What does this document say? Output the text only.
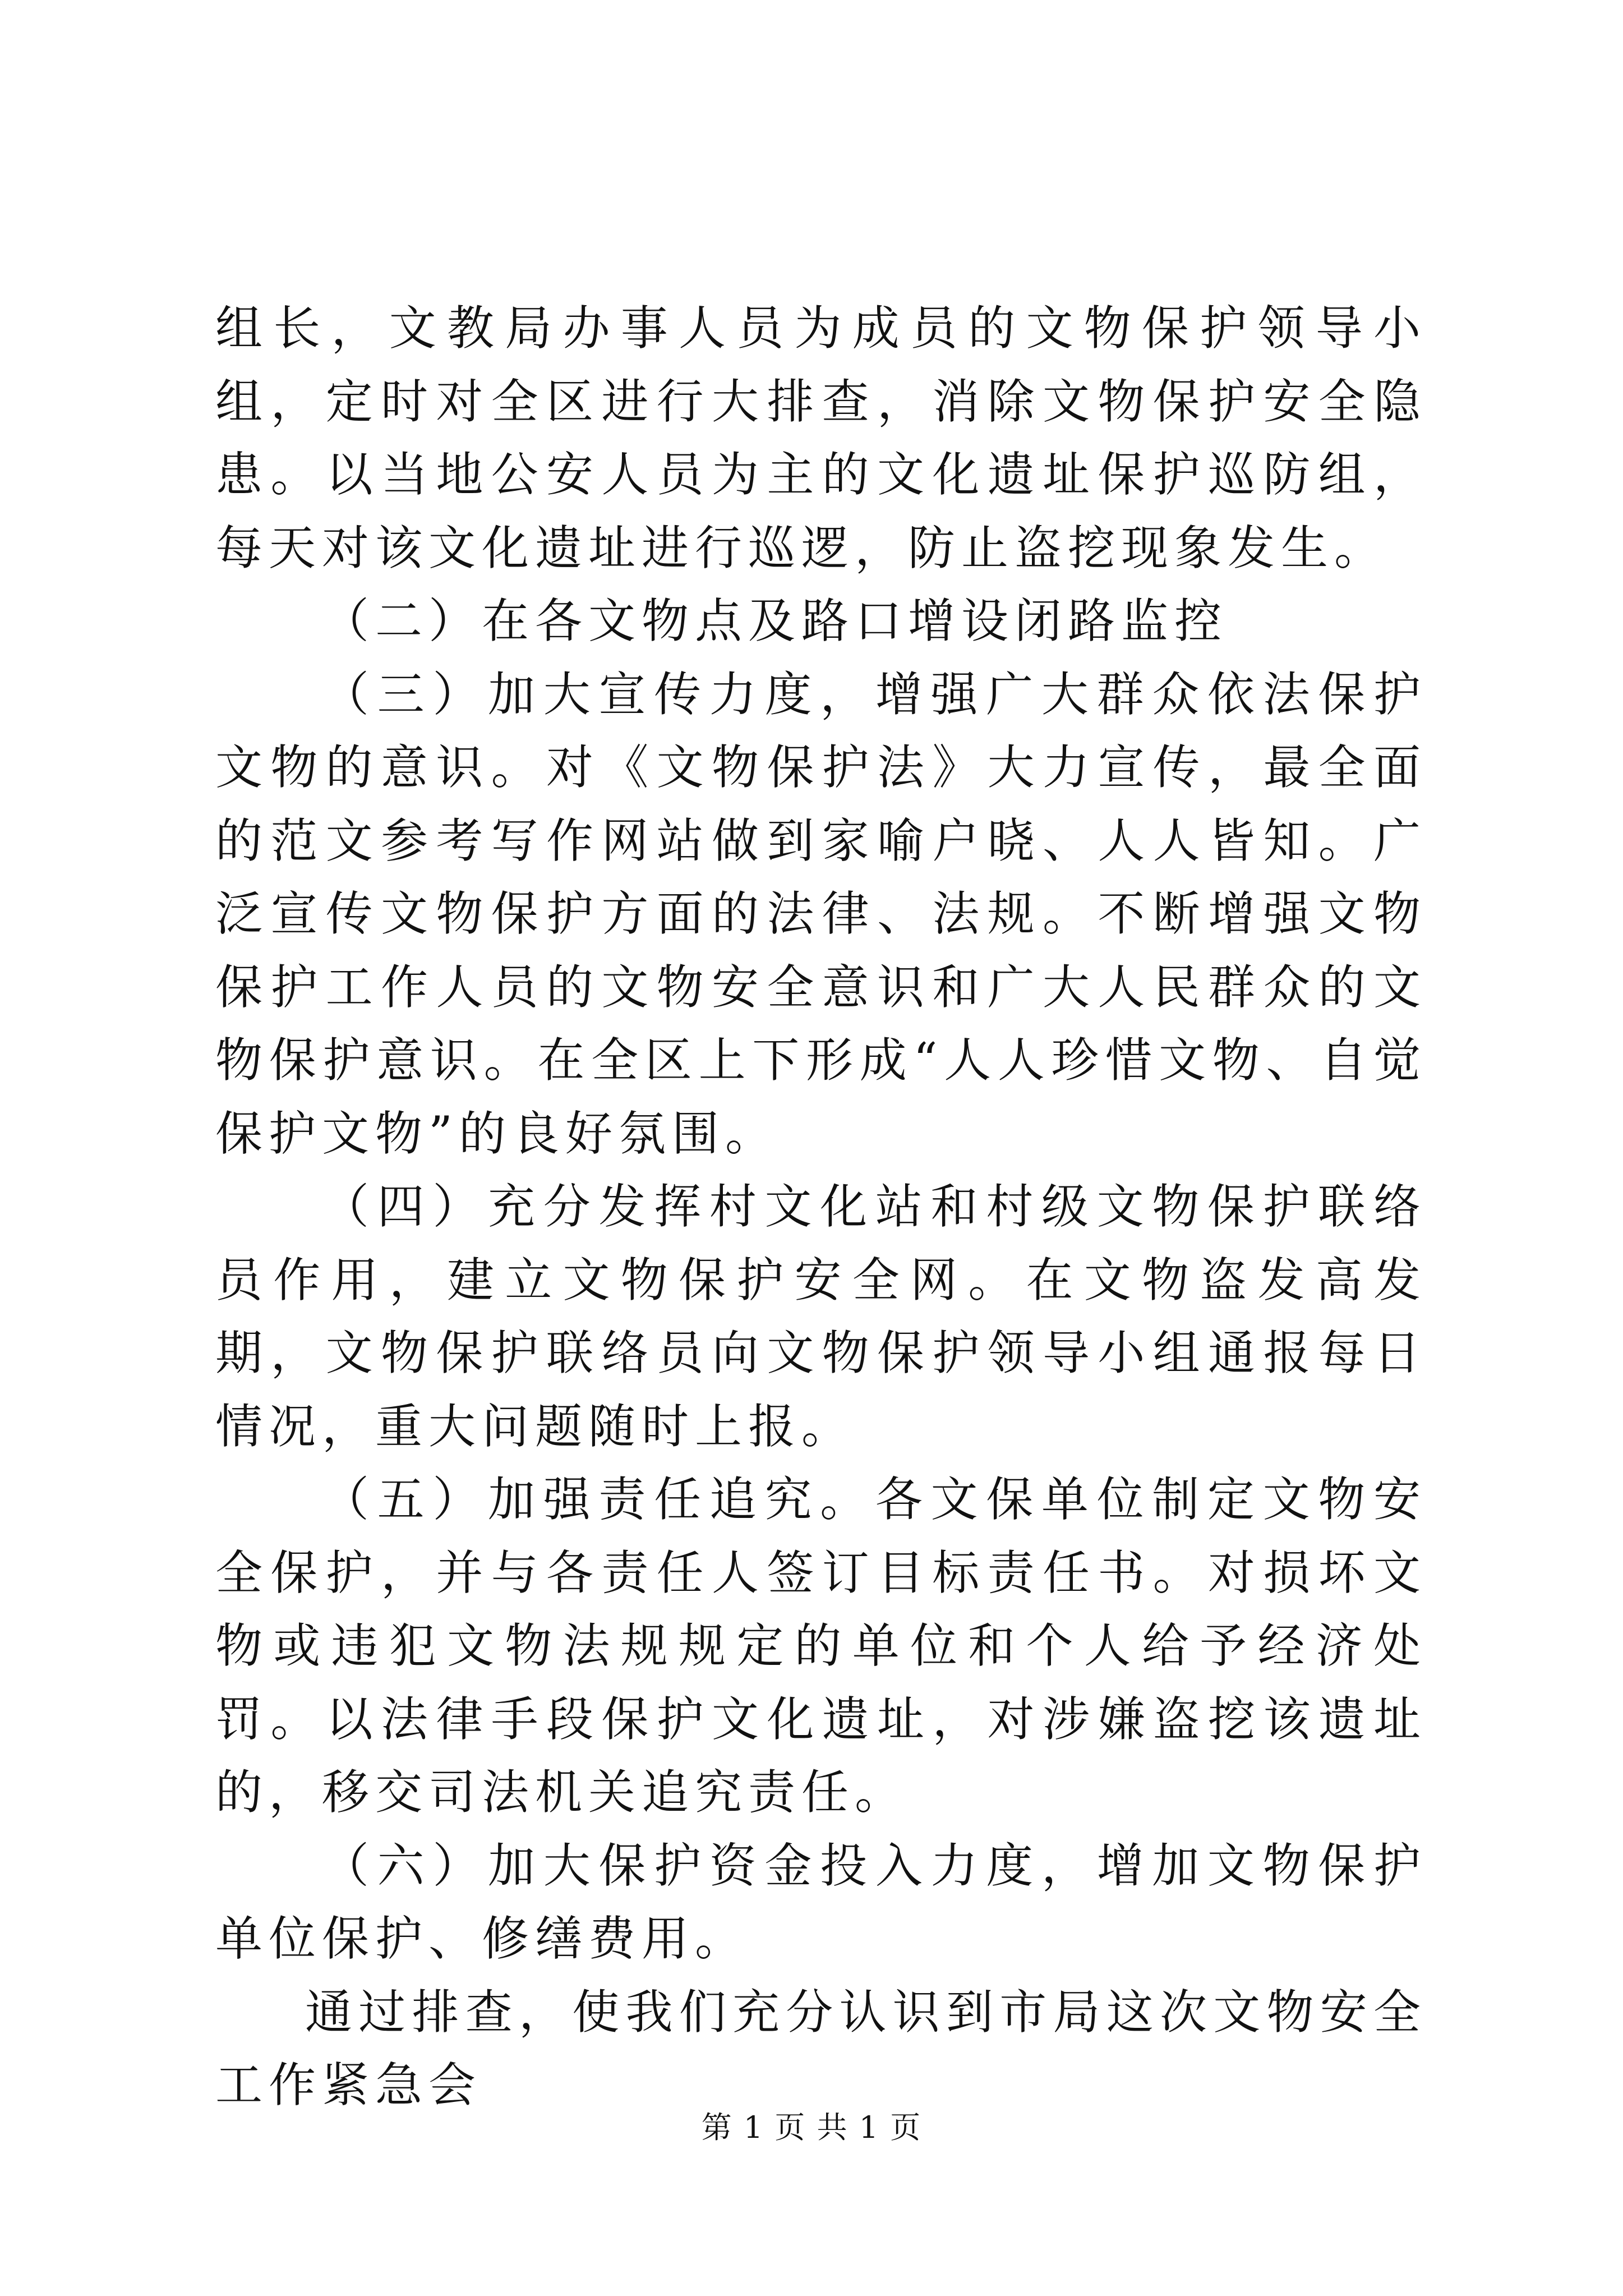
组长，文教局办事人员为成员的文物保护领导小组，定时对全区进行大排查，消除文物保护安全隐患。以当地公安人员为主的文化遗址保护巡防组，每天对该文化遗址进行巡逻，防止盗挖现象发生。

（二）在各文物点及路口增设闭路监控

（三）加大宣传力度，增强广大群众依法保护文物的意识。对《文物保护法》大力宣传，最全面的范文参考写作网站做到家喻户晓、人人皆知。广泛宣传文物保护方面的法律、法规。不断增强文物保护工作人员的文物安全意识和广大人民群众的文物保护意识。在全区上下形成“人人珍惜文物、自觉保护文物”的良好氛围。

（四）充分发挥村文化站和村级文物保护联络员作用，建立文物保护安全网。在文物盗发高发期，文物保护联络员向文物保护领导小组通报每日情况，重大问题随时上报。

（五）加强责任追究。各文保单位制定文物安全保护，并与各责任人签订目标责任书。对损坏文物或违犯文物法规规定的单位和个人给予经济处罚。以法律手段保护文化遗址，对涉嫌盗挖该遗址的，移交司法机关追究责任。

（六）加大保护资金投入力度，增加文物保护单位保护、修缮费用。

通过排查，使我们充分认识到市局这次文物安全工作紧急会

第 1 页 共 1 页
